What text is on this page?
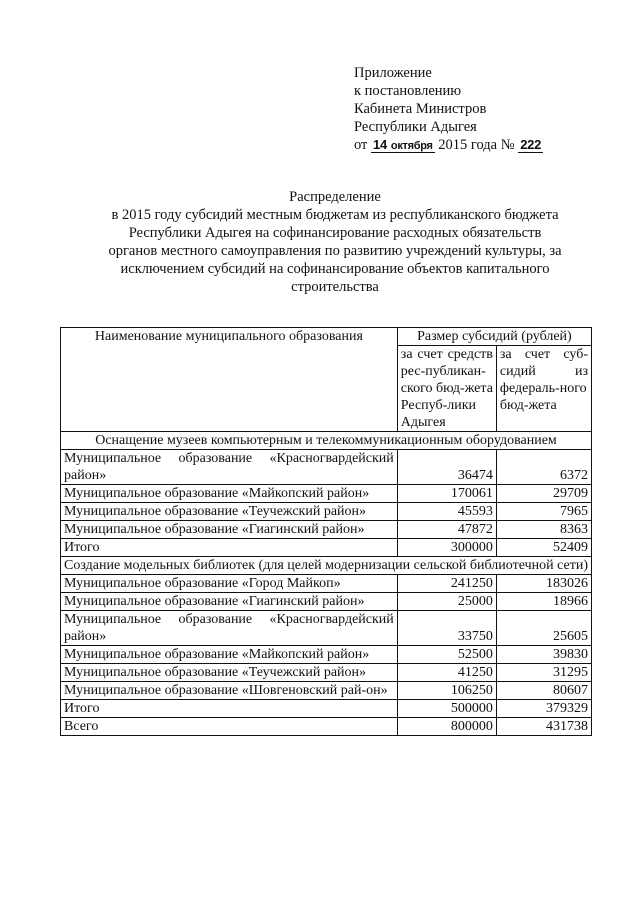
Приложение
к постановлению
Кабинета Министров
Республики Адыгея
от 14 октября 2015 года № 222
Распределение
в 2015 году субсидий местным бюджетам из республиканского бюджета
Республики Адыгея на софинансирование расходных обязательств
органов местного самоуправления по развитию учреждений культуры, за
исключением субсидий на софинансирование объектов капитального
строительства
Наименование муниципального образования	Размер субсидий (рублей)	
	за счет средств рес-публикан-ского бюд-жета Респуб-лики Адыгея	за счет суб-сидий из федераль-ного бюд-жета
Оснащение музеев компьютерным и телекоммуникационным оборудованием		
Муниципальное образование «Красногвардейский район»	36474	6372
Муниципальное образование «Майкопский район»	170061	29709
Муниципальное образование «Теучежский район»	45593	7965
Муниципальное образование «Гиагинский район»	47872	8363
Итого	300000	52409
Создание модельных библиотек (для целей модернизации сельской библиотечной сети)		
Муниципальное образование «Город Майкоп»	241250	183026
Муниципальное образование «Гиагинский район»	25000	18966
Муниципальное образование «Красногвардейский район»	33750	25605
Муниципальное образование «Майкопский район»	52500	39830
Муниципальное образование «Теучежский район»	41250	31295
Муниципальное образование «Шовгеновский рай-он»	106250	80607
Итого	500000	379329
Всего	800000	431738
